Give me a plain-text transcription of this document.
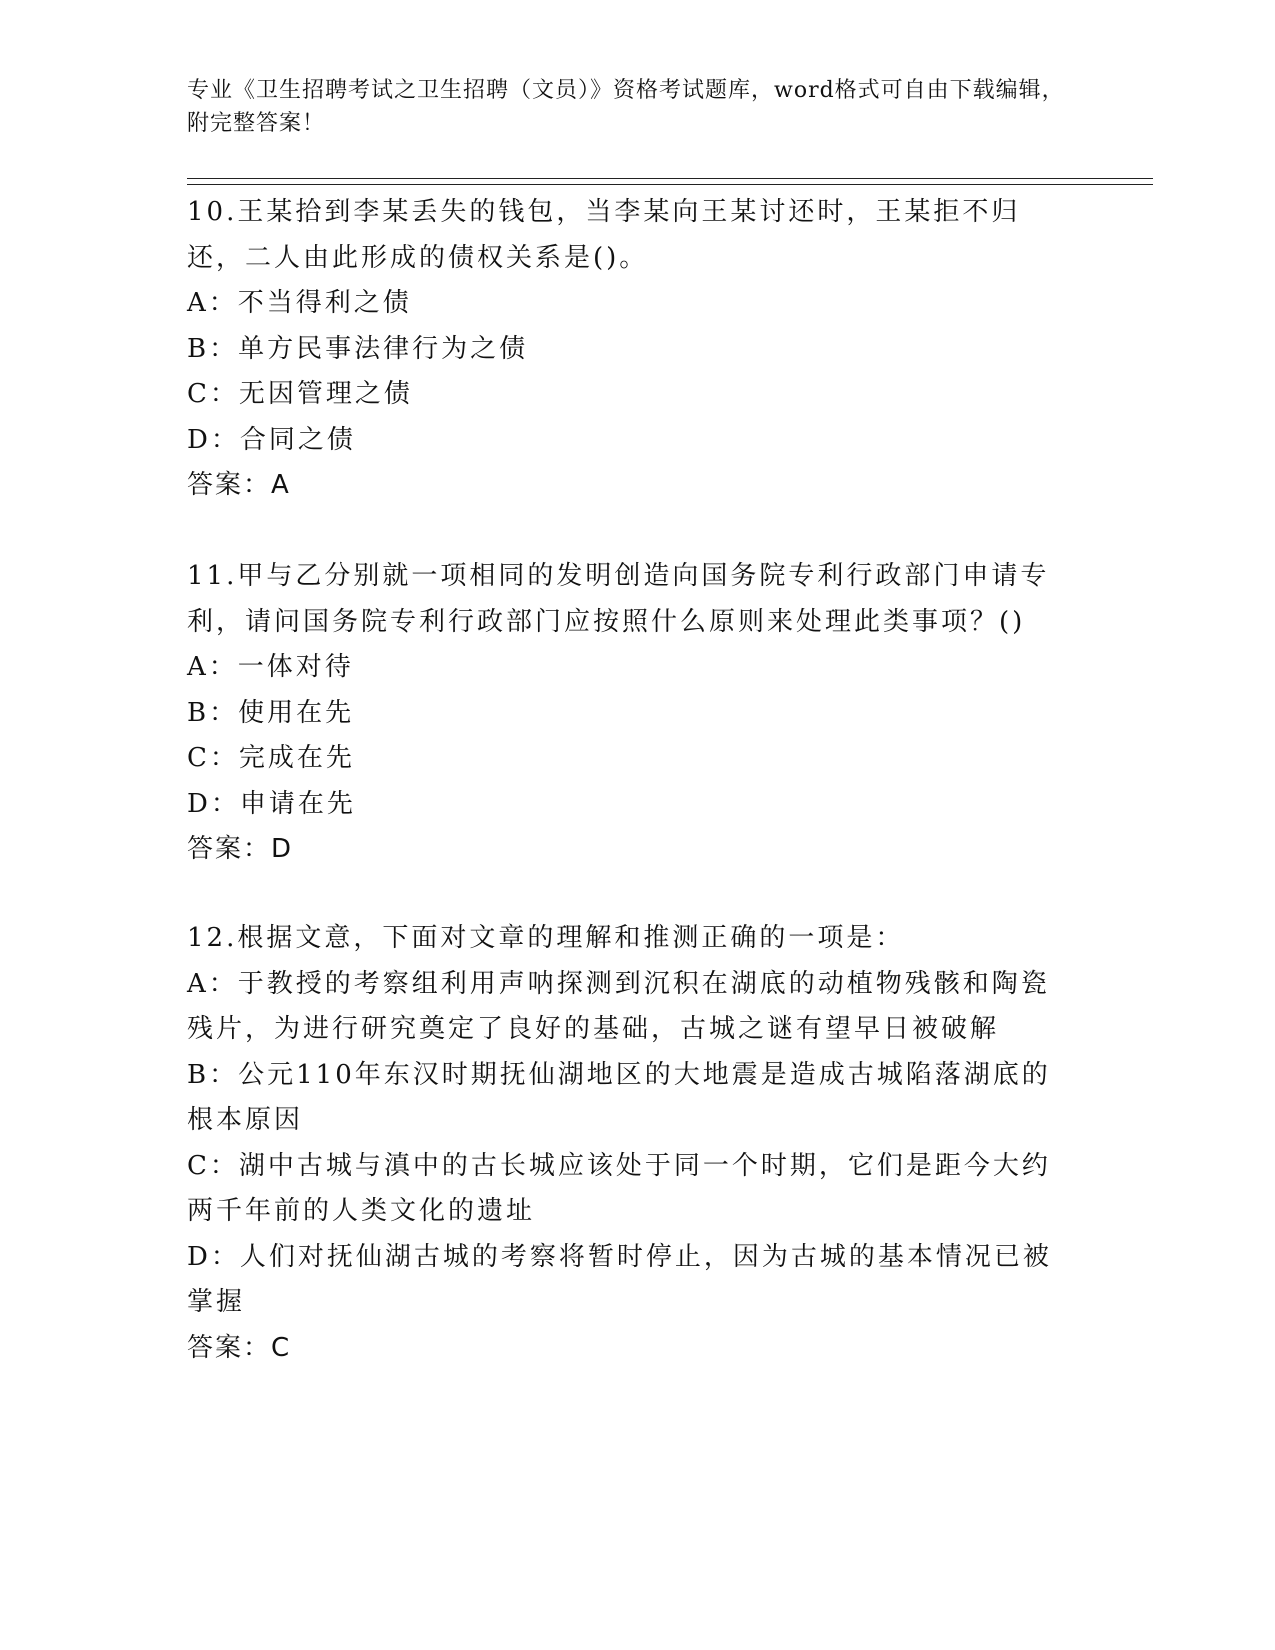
专业《卫生招聘考试之卫生招聘（文员）》资格考试题库，word格式可自由下载编辑，附完整答案！
10.王某拾到李某丢失的钱包，当李某向王某讨还时，王某拒不归还，二人由此形成的债权关系是()。
A：不当得利之债
B：单方民事法律行为之债
C：无因管理之债
D：合同之债
答案：A
11.甲与乙分别就一项相同的发明创造向国务院专利行政部门申请专利，请问国务院专利行政部门应按照什么原则来处理此类事项？()
A：一体对待
B：使用在先
C：完成在先
D：申请在先
答案：D
12.根据文意，下面对文章的理解和推测正确的一项是：
A：于教授的考察组利用声呐探测到沉积在湖底的动植物残骸和陶瓷残片，为进行研究奠定了良好的基础，古城之谜有望早日被破解
B：公元110年东汉时期抚仙湖地区的大地震是造成古城陷落湖底的根本原因
C：湖中古城与滇中的古长城应该处于同一个时期，它们是距今大约两千年前的人类文化的遗址
D：人们对抚仙湖古城的考察将暂时停止，因为古城的基本情况已被掌握
答案：C
